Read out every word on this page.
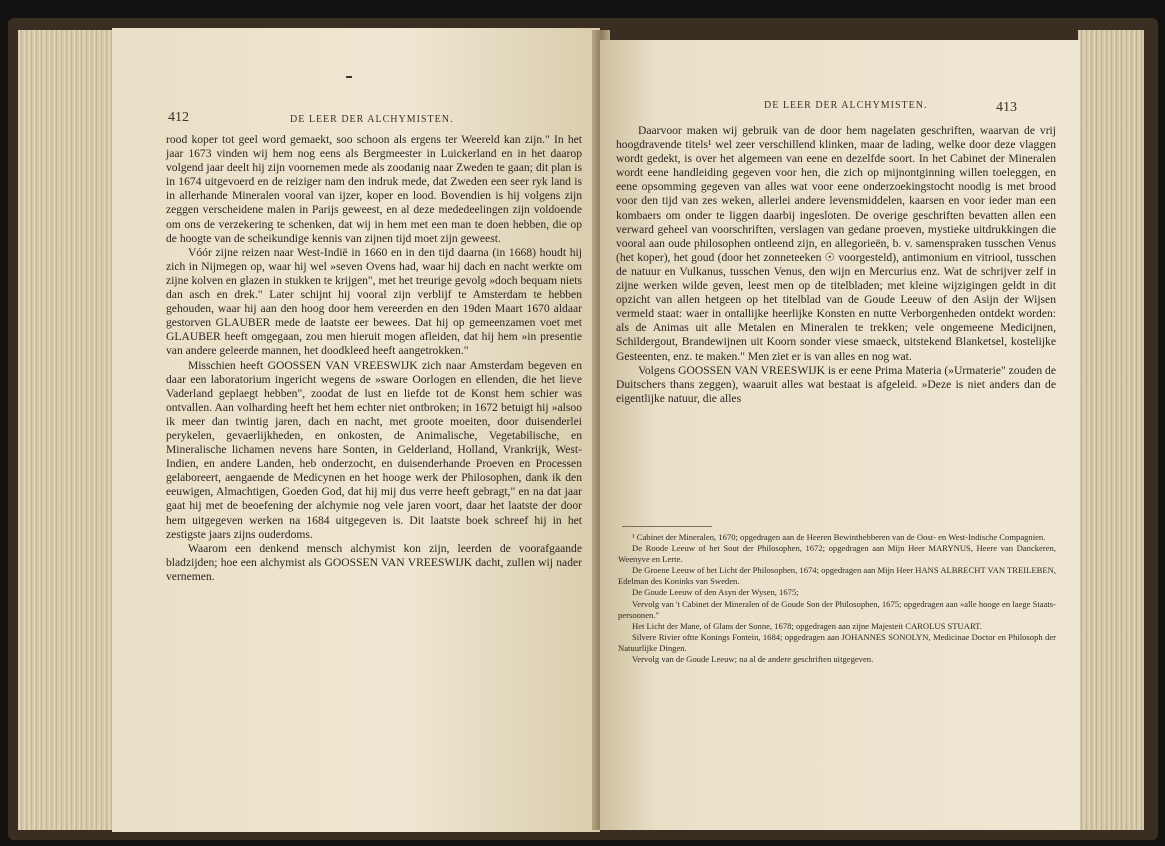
412	DE LEER DER ALCHYMISTEN.

rood koper tot geel word gemaekt, soo schoon als ergens ter Weereld kan zijn." In het jaar 1673 vinden wij hem nog eens als Bergmeester in Luickerland en in het daarop volgend jaar deelt hij zijn voornemen mede als zoodanig naar Zweden te gaan; dit plan is in 1674 uitgevoerd en de reiziger nam den indruk mede, dat Zweden een seer ryk land is in allerhande Mineralen vooral van ijzer, koper en lood. Bovendien is hij volgens zijn zeggen verscheidene malen in Parijs geweest, en al deze mededeelingen zijn voldoende om ons de verzekering te schenken, dat wij in hem met een man te doen hebben, die op de hoogte van de scheikundige kennis van zijnen tijd moet zijn geweest.

Vóór zijne reizen naar West-Indië in 1660 en in den tijd daarna (in 1668) houdt hij zich in Nijmegen op, waar hij wel »seven Ovens had, waar hij dach en nacht werkte om zijne kolven en glazen in stukken te krijgen", met het treurige gevolg »doch bequam niets dan asch en drek." Later schijnt hij vooral zijn verblijf te Amsterdam te hebben gehouden, waar hij aan den hoog door hem vereerden en den 19den Maart 1670 aldaar gestorven GLAUBER mede de laatste eer bewees. Dat hij op gemeenzamen voet met GLAUBER heeft omgegaan, zou men hieruit mogen afleiden, dat hij hem »in presentie van andere geleerde mannen, het doodkleed heeft aangetrokken."

Misschien heeft GOOSSEN VAN VREESWIJK zich naar Amsterdam begeven en daar een laboratorium ingericht wegens de »sware Oorlogen en ellenden, die het lieve Vaderland geplaegt hebben", zoodat de lust en liefde tot de Konst hem schier was ontvallen. Aan volharding heeft het hem echter niet ontbroken; in 1672 betuigt hij »alsoo ik meer dan twintig jaren, dach en nacht, met groote moeiten, door duisenderlei perykelen, gevaerlijkheden, en onkosten, de Animalische, Vegetabilische, en Mineralische lichamen nevens hare Sonten, in Gelderland, Holland, Vrankrijk, West-Indien, en andere Landen, heb onderzocht, en duisenderhande Proeven en Processen gelaboreert, aengaende de Medicynen en het hooge werk der Philosophen, dank ik den eeuwigen, Almachtigen, Goeden God, dat hij mij dus verre heeft gebragt," en na dat jaar gaat hij met de beoefening der alchymie nog vele jaren voort, daar het laatste der door hem uitgegeven werken na 1684 uitgegeven is. Dit laatste boek schreef hij in het zestigste jaars zijns ouderdoms.

Waarom een denkend mensch alchymist kon zijn, leerden de voorafgaande bladzijden; hoe een alchymist als GOOSSEN VAN VREESWIJK dacht, zullen wij nader vernemen.

DE LEER DER ALCHYMISTEN.	413

Daarvoor maken wij gebruik van de door hem nagelaten geschriften, waarvan de vrij hoogdravende titels¹ wel zeer verschillend klinken, maar de lading, welke door deze vlaggen wordt gedekt, is over het algemeen van eene en dezelfde soort. In het Cabinet der Mineralen wordt eene handleiding gegeven voor hen, die zich op mijnontginning willen toeleggen, en eene opsomming gegeven van alles wat voor eene onderzoekingstocht noodig is met brood voor den tijd van zes weken, allerlei andere levensmiddelen, kaarsen en voor ieder man een kombaers om onder te liggen daarbij ingesloten. De overige geschriften bevatten allen een verward geheel van voorschriften, verslagen van gedane proeven, mystieke uitdrukkingen die vooral aan oude philosophen ontleend zijn, en allegorieën, b. v. samenspraken tusschen Venus (het koper), het goud (door het zonneteeken ☉ voorgesteld), antimonium en vitriool, tusschen de natuur en Vulkanus, tusschen Venus, den wijn en Mercurius enz. Wat de schrijver zelf in zijne werken wilde geven, leest men op de titelbladen; met kleine wijzigingen geldt in dit opzicht van allen hetgeen op het titelblad van de Goude Leeuw of den Asijn der Wijsen vermeld staat: waer in ontallijke heerlijke Konsten en nutte Verborgenheden ontdekt worden: als de Animas uit alle Metalen en Mineralen te trekken; vele ongemeene Medicijnen, Schildergout, Brandewijnen uit Koorn sonder viese smaeck, uitstekend Blanketsel, kostelijke Gesteenten, enz. te maken." Men ziet er is van alles en nog wat.

Volgens GOOSSEN VAN VREESWIJK is er eene Prima Materia (»Urmaterie" zouden de Duitschers thans zeggen), waaruit alles wat bestaat is afgeleid. »Deze is niet anders dan de eigentlijke natuur, die alles

¹ Cabinet der Mineralen, 1670; opgedragen aan de Heeren Bewinthebberen van de Oost- en West-Indische Compagnien.

De Roode Leeuw of het Sout der Philosophen, 1672; opgedragen aan Mijn Heer MARYNUS, Heere van Danckeren, Weenyve en Lerte.

De Groene Leeuw of het Licht der Philosophen, 1674; opgedragen aan Mijn Heer HANS ALBRECHT VAN TREILEBEN, Edelman des Koninks van Sweden.

De Goude Leeuw of den Asyn der Wysen, 1675;

Vervolg van 't Cabinet der Mineralen of de Goude Son der Philosophen, 1675; opgedragen aan »alle hooge en laege Staats-persoonen."

Het Licht der Mane, of Glans der Sonne, 1678; opgedragen aan zijne Majesteit CAROLUS STUART.

Silvere Rivier oftte Konings Fontein, 1684; opgedragen aan JOHANNES SONOLYN, Medicinae Doctor en Philosoph der Natuurlijke Dingen.

Vervolg van de Goude Leeuw; na al de andere geschriften uitgegeven.
